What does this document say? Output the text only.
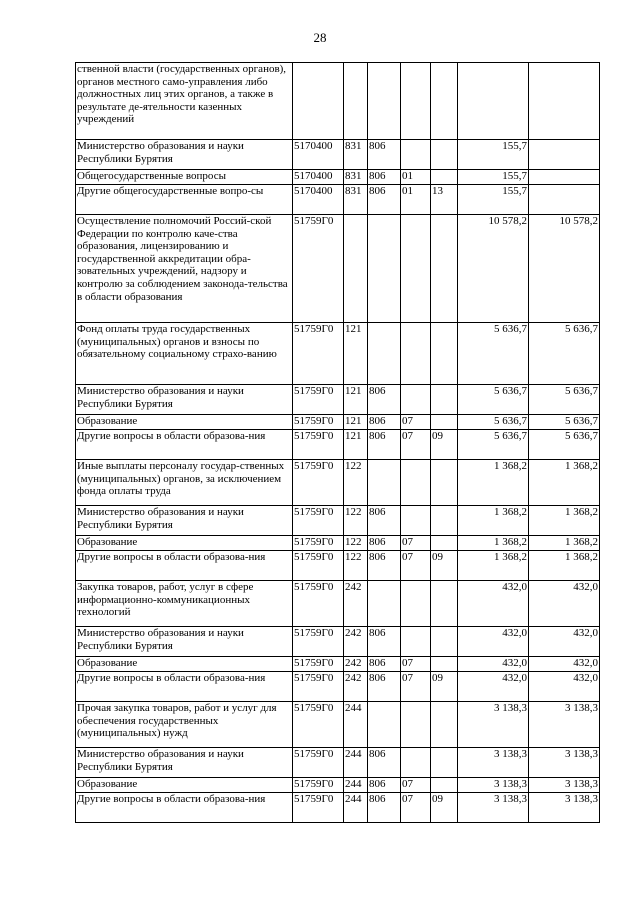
28
ственной власти (государственных органов), органов местного само-управления либо должностных лиц этих органов, а также в результате де-ятельности казенных учреждений							
Министерство образования и науки Республики Бурятия	5170400	831	806			155,7	
Общегосударственные вопросы	5170400	831	806	01		155,7	
Другие общегосударственные вопро-сы	5170400	831	806	01	13	155,7	
Осуществление полномочий Россий-ской Федерации по контролю каче-ства образования, лицензированию и государственной аккредитации обра-зовательных учреждений, надзору и контролю за соблюдением законода-тельства в области образования	51759Г0					10 578,2	10 578,2
Фонд оплаты труда государственных (муниципальных) органов и взносы по обязательному социальному страхо-ванию	51759Г0	121				5 636,7	5 636,7
Министерство образования и науки Республики Бурятия	51759Г0	121	806			5 636,7	5 636,7
Образование	51759Г0	121	806	07		5 636,7	5 636,7
Другие вопросы в области образова-ния	51759Г0	121	806	07	09	5 636,7	5 636,7
Иные выплаты персоналу государ-ственных (муниципальных) органов, за исключением фонда оплаты труда	51759Г0	122				1 368,2	1 368,2
Министерство образования и науки Республики Бурятия	51759Г0	122	806			1 368,2	1 368,2
Образование	51759Г0	122	806	07		1 368,2	1 368,2
Другие вопросы в области образова-ния	51759Г0	122	806	07	09	1 368,2	1 368,2
Закупка товаров, работ, услуг в сфере информационно-коммуникационных технологий	51759Г0	242				432,0	432,0
Министерство образования и науки Республики Бурятия	51759Г0	242	806			432,0	432,0
Образование	51759Г0	242	806	07		432,0	432,0
Другие вопросы в области образова-ния	51759Г0	242	806	07	09	432,0	432,0
Прочая закупка товаров, работ и услуг для обеспечения государственных (муниципальных) нужд	51759Г0	244				3 138,3	3 138,3
Министерство образования и науки Республики Бурятия	51759Г0	244	806			3 138,3	3 138,3
Образование	51759Г0	244	806	07		3 138,3	3 138,3
Другие вопросы в области образова-ния	51759Г0	244	806	07	09	3 138,3	3 138,3
